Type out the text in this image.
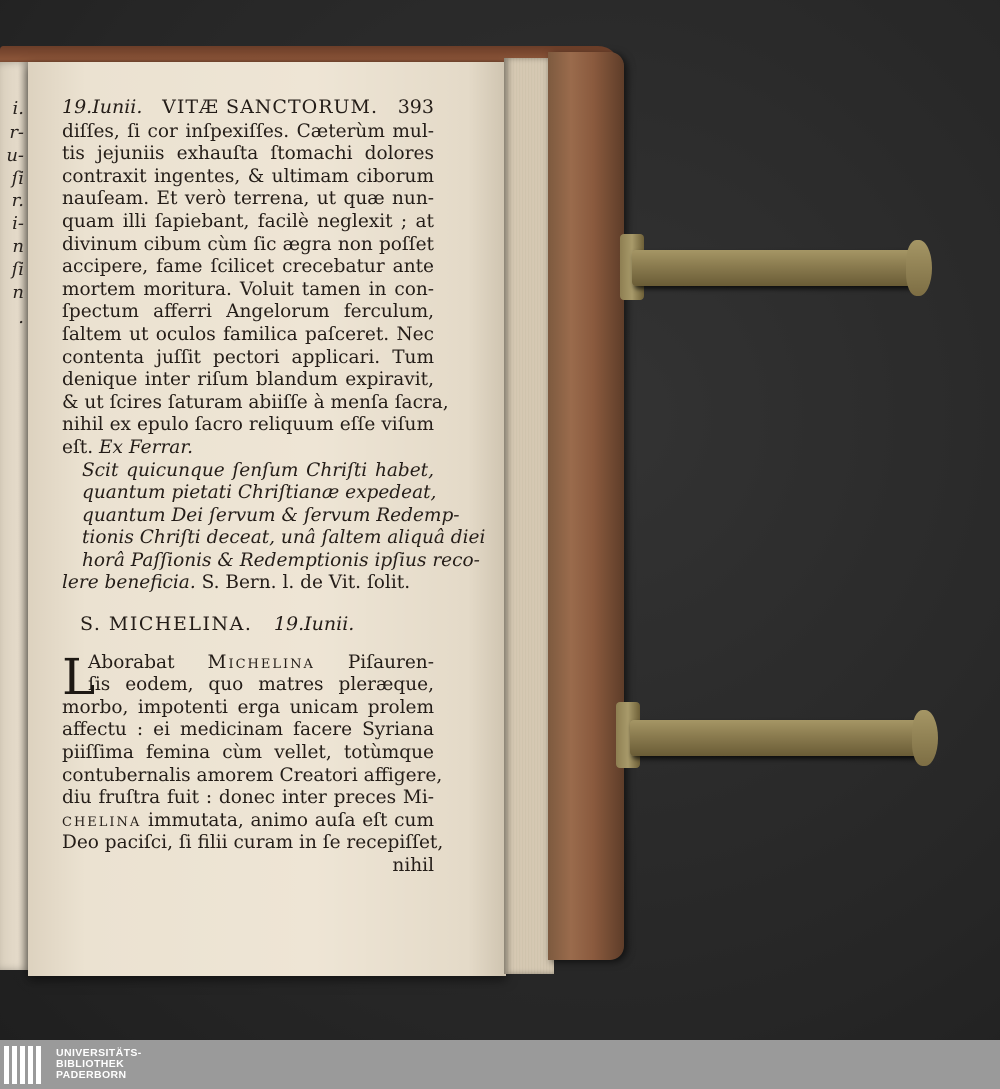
i.
r-
u-
ſi
r.
i-
n
ſi
n
.
19.Iunii. VITÆ SANCTORUM. 393
diſſes, ſi cor inſpexiſſes. Cæterùm mul-
tis jejuniis exhauſta ſtomachi dolores
contraxit ingentes, & ultimam ciborum
nauſeam. Et verò terrena, ut quæ nun-
quam illi ſapiebant, facilè neglexit ; at
divinum cibum cùm ſic ægra non poſſet
accipere, fame ſcilicet crecebatur ante
mortem moritura. Voluit tamen in con-
ſpectum afferri Angelorum ferculum,
ſaltem ut oculos familica paſceret. Nec
contenta juſſit pectori applicari. Tum
denique inter riſum blandum expiravit,
& ut ſcires ſaturam abiiſſe à menſa ſacra,
nihil ex epulo ſacro reliquum eſſe viſum
eſt. Ex Ferrar.
Scit quicunque ſenſum Chriſti habet,
quantum pietati Chriſtianæ expedeat,
quantum Dei ſervum & ſervum Redemp-
tionis Chriſti deceat, unâ ſaltem aliquâ diei
horâ Paſſionis & Redemptionis ipſius reco-
lere beneficia. S. Bern. l. de Vit. ſolit.
S. MICHELINA. 19.Iunii.
L
Aborabat Michelina Piſauren-
ſis eodem, quo matres pleræque,
morbo, impotenti erga unicam prolem
affectu : ei medicinam facere Syriana
piiſſima femina cùm vellet, totùmque
contubernalis amorem Creatori affigere,
diu fruſtra fuit : donec inter preces Mi-
chelina immutata, animo auſa eſt cum
Deo paciſci, ſi filii curam in ſe recepiſſet,
nihil
UNIVERSITÄTS-
BIBLIOTHEK
PADERBORN
